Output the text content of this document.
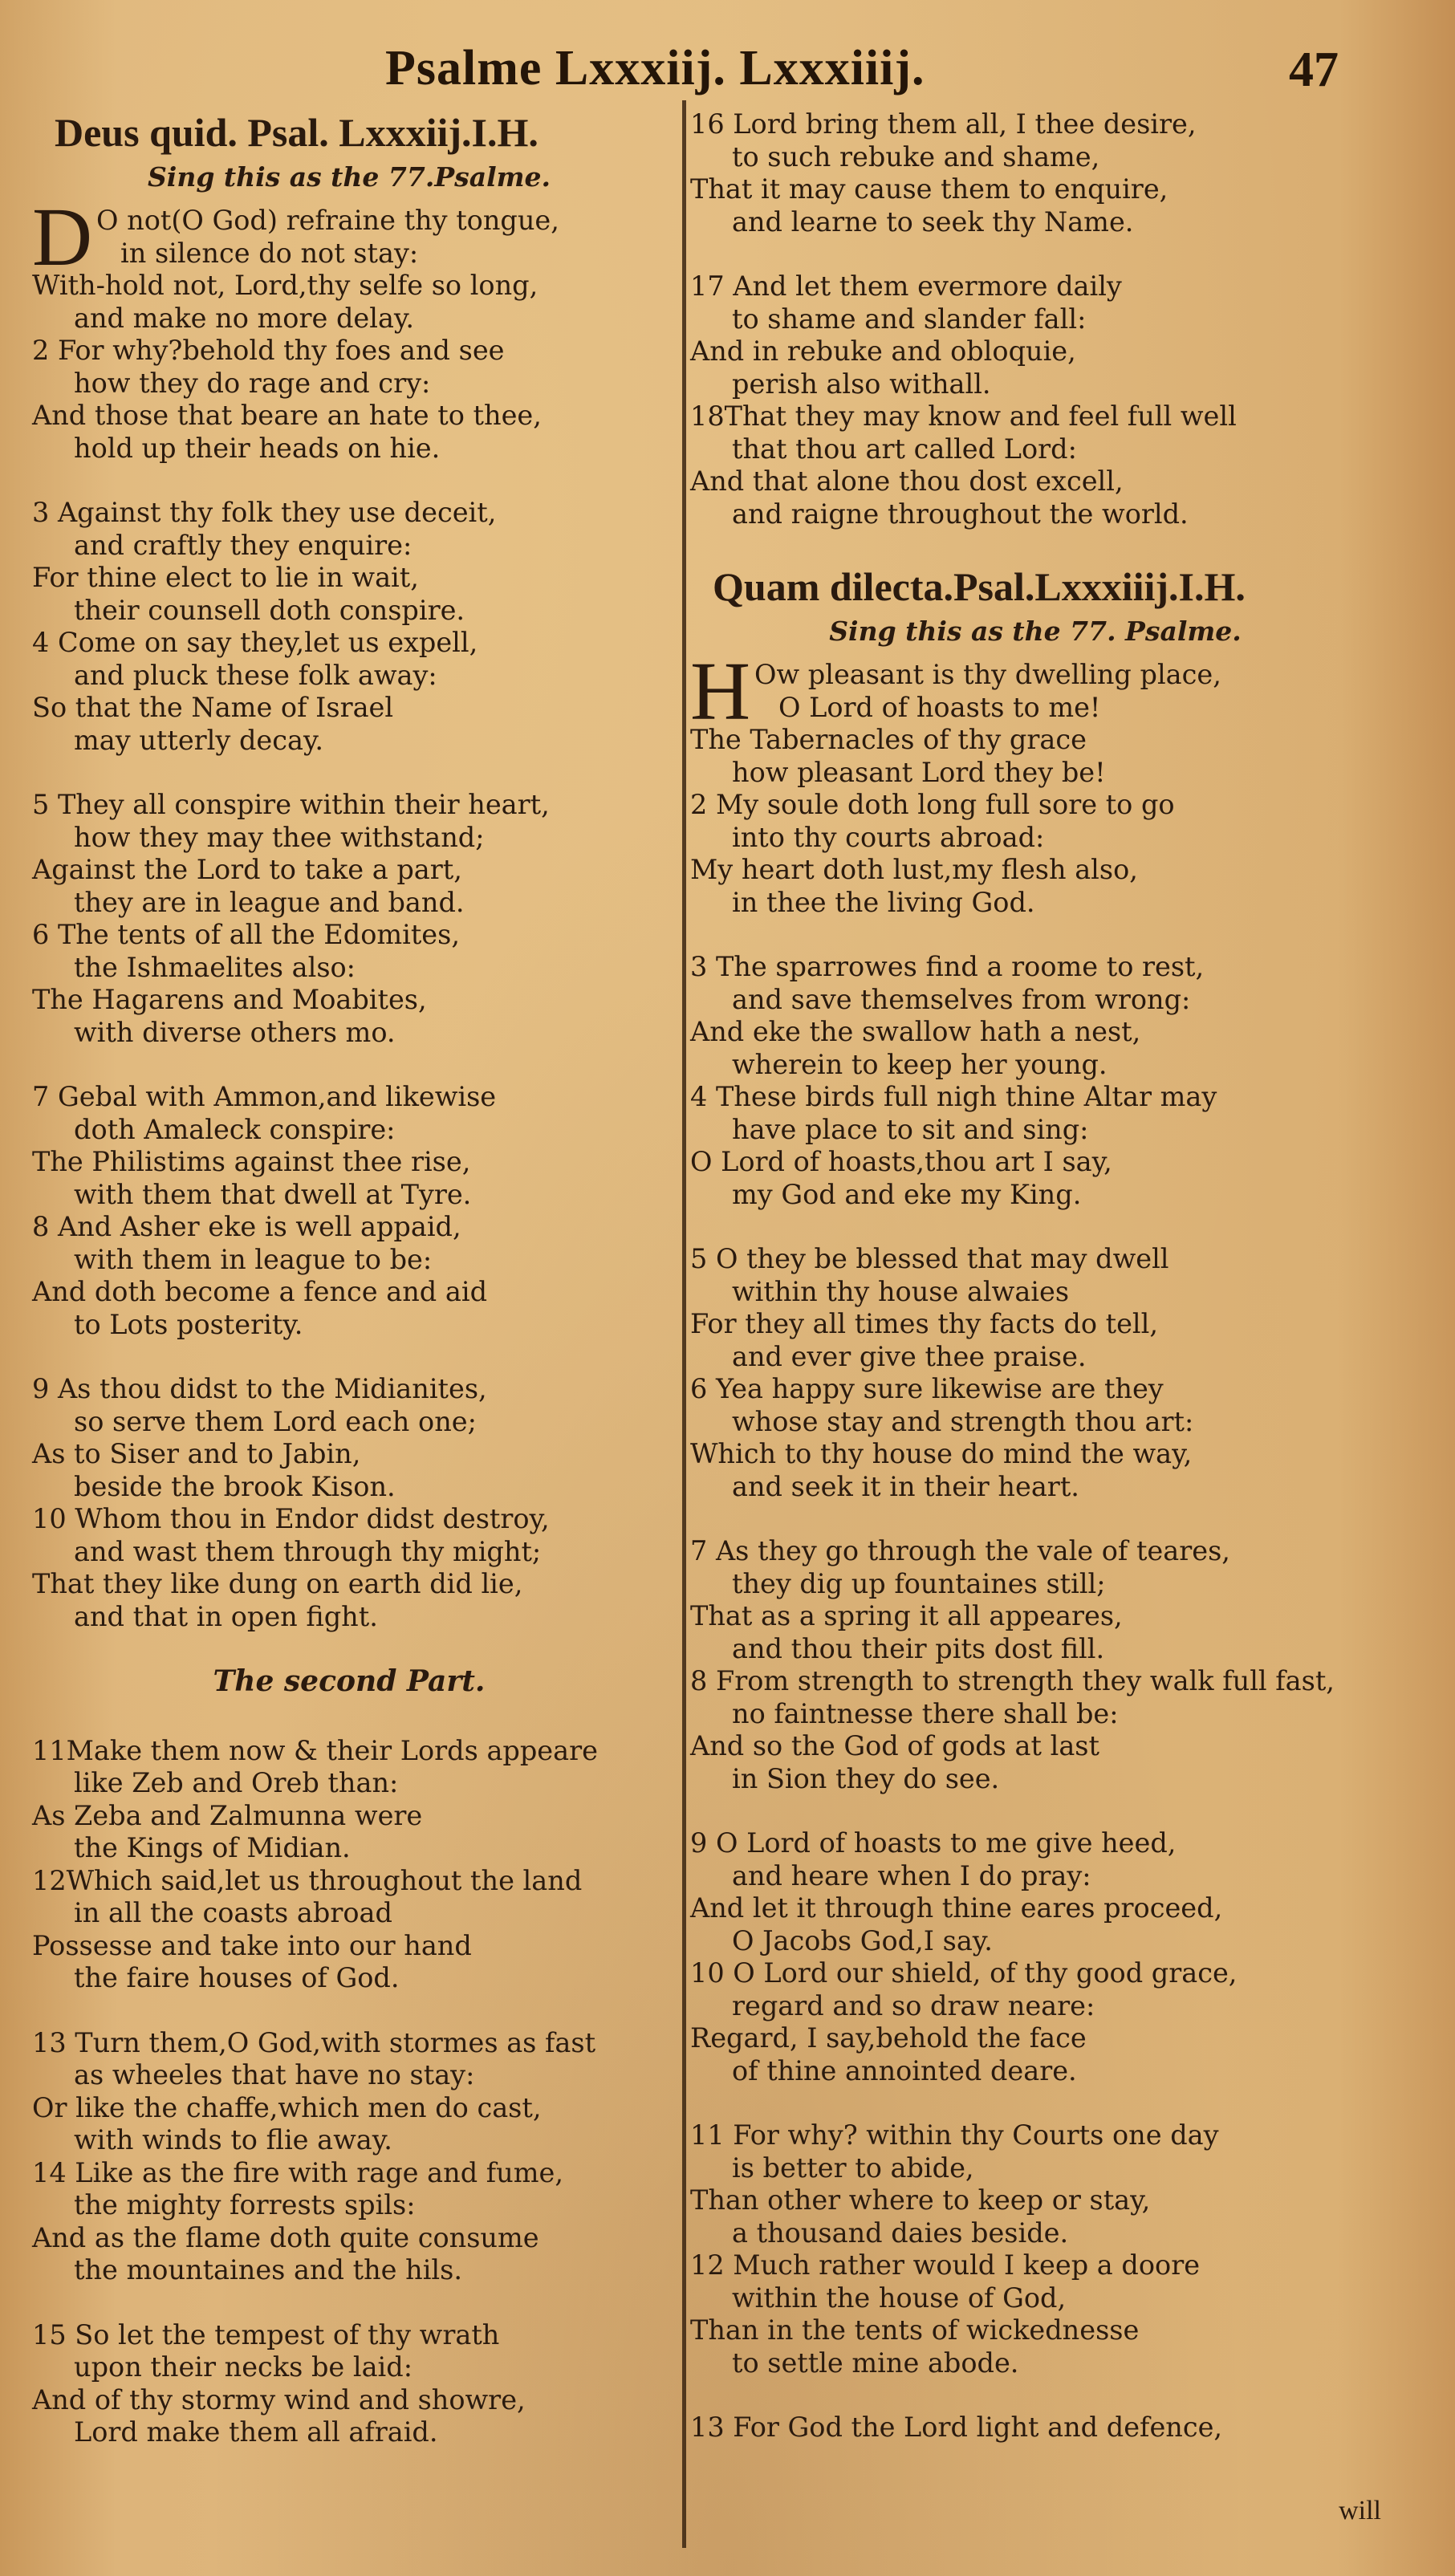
Psalme Lxxxiij. Lxxxiiij.	47
Deus quid. Psal. Lxxxiij.I.H.
Sing this as the 77.Psalme.
D O not(O God) refraine thy tongue,
in silence do not stay:
With-hold not, Lord,thy selfe so long,
and make no more delay.
2 For why?behold thy foes and see
how they do rage and cry:
And those that beare an hate to thee,
hold up their heads on hie.
3 Against thy folk they use deceit,
and craftly they enquire:
For thine elect to lie in wait,
their counsell doth conspire.
4 Come on say they,let us expell,
and pluck these folk away:
So that the Name of Israel
may utterly decay.
5 They all conspire within their heart,
how they may thee withstand;
Against the Lord to take a part,
they are in league and band.
6 The tents of all the Edomites,
the Ishmaelites also:
The Hagarens and Moabites,
with diverse others mo.
7 Gebal with Ammon,and likewise
doth Amaleck conspire:
The Philistims against thee rise,
with them that dwell at Tyre.
8 And Asher eke is well appaid,
with them in league to be:
And doth become a fence and aid
to Lots posterity.
9 As thou didst to the Midianites,
so serve them Lord each one;
As to Siser and to Jabin,
beside the brook Kison.
10 Whom thou in Endor didst destroy,
and wast them through thy might;
That they like dung on earth did lie,
and that in open fight.
The second Part.
11Make them now & their Lords appeare
like Zeb and Oreb than:
As Zeba and Zalmunna were
the Kings of Midian.
12Which said,let us throughout the land
in all the coasts abroad
Possesse and take into our hand
the faire houses of God.
13 Turn them,O God,with stormes as fast
as wheeles that have no stay:
Or like the chaffe,which men do cast,
with winds to flie away.
14 Like as the fire with rage and fume,
the mighty forrests spils:
And as the flame doth quite consume
the mountaines and the hils.
15 So let the tempest of thy wrath
upon their necks be laid:
And of thy stormy wind and showre,
Lord make them all afraid.
16 Lord bring them all, I thee desire,
to such rebuke and shame,
That it may cause them to enquire,
and learne to seek thy Name.
17 And let them evermore daily
to shame and slander fall:
And in rebuke and obloquie,
perish also withall.
18That they may know and feel full well
that thou art called Lord:
And that alone thou dost excell,
and raigne throughout the world.
Quam dilecta.Psal.Lxxxiiij.I.H.
Sing this as the 77. Psalme.
H Ow pleasant is thy dwelling place,
O Lord of hoasts to me!
The Tabernacles of thy grace
how pleasant Lord they be!
2 My soule doth long full sore to go
into thy courts abroad:
My heart doth lust,my flesh also,
in thee the living God.
3 The sparrowes find a roome to rest,
and save themselves from wrong:
And eke the swallow hath a nest,
wherein to keep her young.
4 These birds full nigh thine Altar may
have place to sit and sing:
O Lord of hoasts,thou art I say,
my God and eke my King.
5 O they be blessed that may dwell
within thy house alwaies
For they all times thy facts do tell,
and ever give thee praise.
6 Yea happy sure likewise are they
whose stay and strength thou art:
Which to thy house do mind the way,
and seek it in their heart.
7 As they go through the vale of teares,
they dig up fountaines still;
That as a spring it all appeares,
and thou their pits dost fill.
8 From strength to strength they walk full fast,
no faintnesse there shall be:
And so the God of gods at last
in Sion they do see.
9 O Lord of hoasts to me give heed,
and heare when I do pray:
And let it through thine eares proceed,
O Jacobs God,I say.
10 O Lord our shield, of thy good grace,
regard and so draw neare:
Regard, I say,behold the face
of thine annointed deare.
11 For why? within thy Courts one day
is better to abide,
Than other where to keep or stay,
a thousand daies beside.
12 Much rather would I keep a doore
within the house of God,
Than in the tents of wickednesse
to settle mine abode.
13 For God the Lord light and defence,
will
